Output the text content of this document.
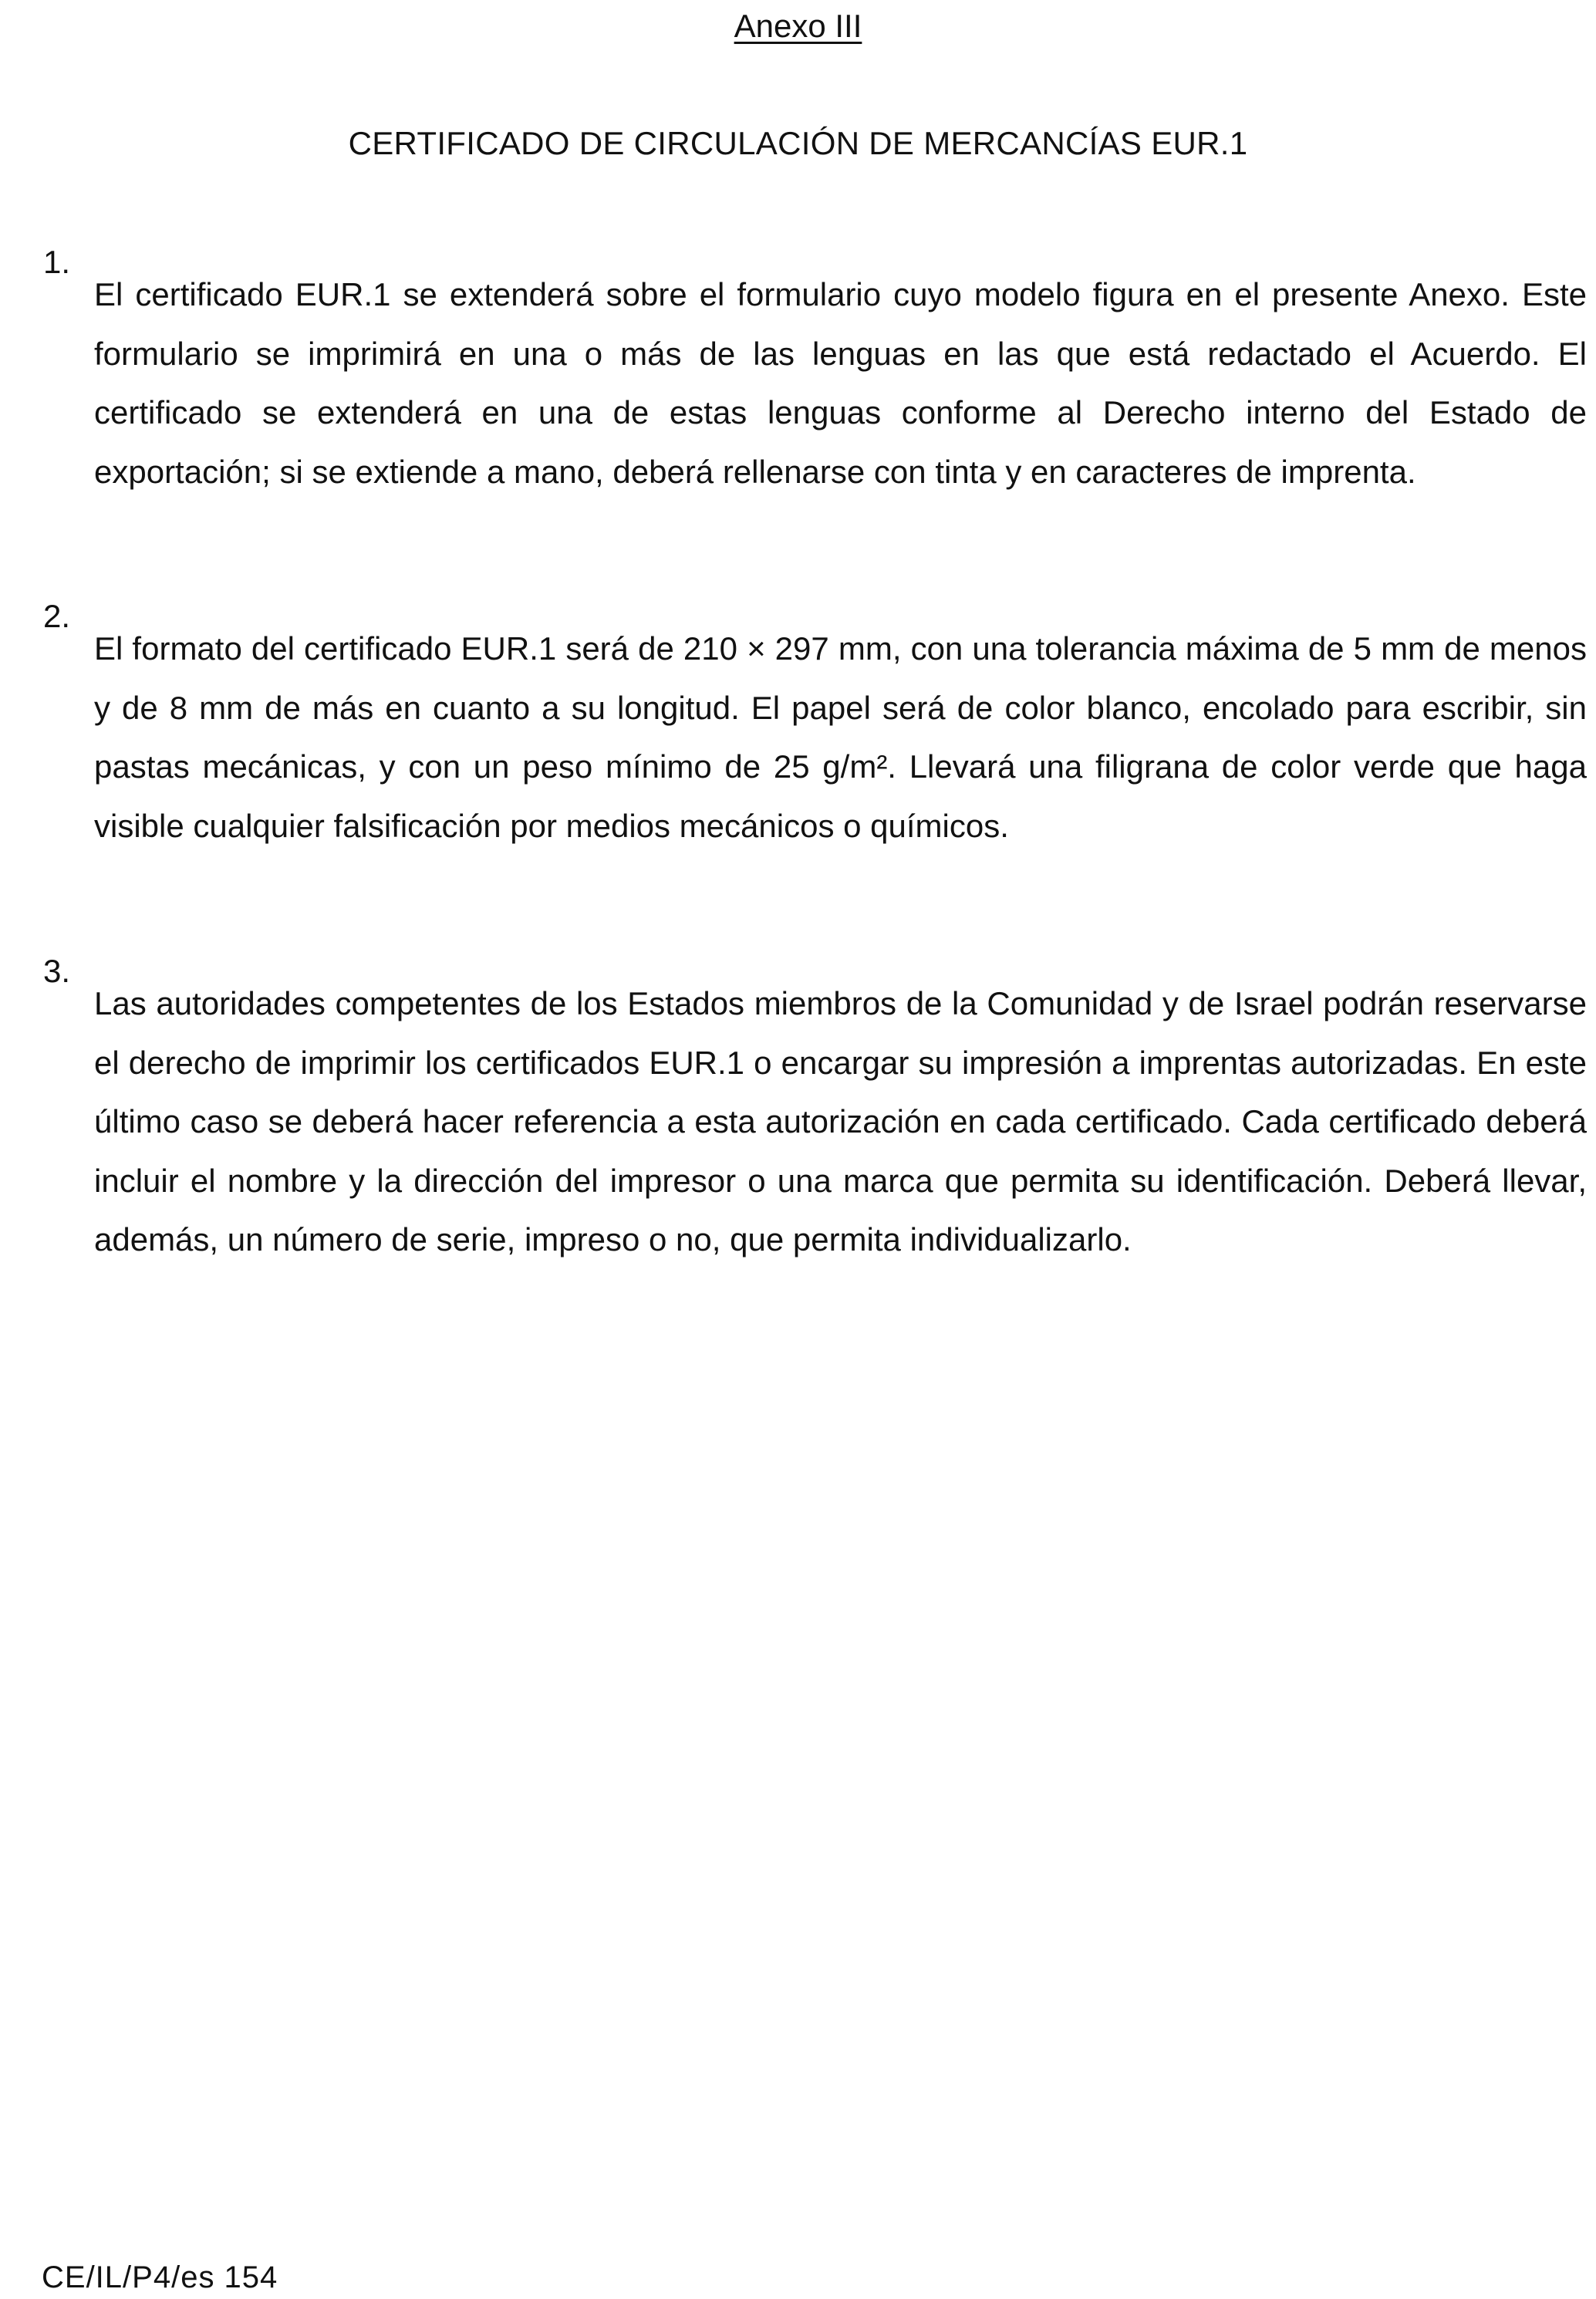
Anexo III
CERTIFICADO DE CIRCULACIÓN DE MERCANCÍAS EUR.1
1.

El certificado EUR.1 se extenderá sobre el formulario cuyo modelo figura en el presente Anexo. Este formulario se imprimirá en una o más de las lenguas en las que está redactado el Acuerdo. El certificado se extenderá en una de estas lenguas conforme al Derecho interno del Estado de exportación; si se extiende a mano, deberá rellenarse con tinta y en caracteres de imprenta.

2.

El formato del certificado EUR.1 será de 210 × 297 mm, con una tolerancia máxima de 5 mm de menos y de 8 mm de más en cuanto a su longitud. El papel será de color blanco, encolado para escribir, sin pastas mecánicas, y con un peso mínimo de 25 g/m². Llevará una filigrana de color verde que haga visible cualquier falsificación por medios mecánicos o químicos.

3.

Las autoridades competentes de los Estados miembros de la Comunidad y de Israel podrán reservarse el derecho de imprimir los certificados EUR.1 o encargar su impresión a imprentas autorizadas. En este último caso se deberá hacer referencia a esta autorización en cada certificado. Cada certificado deberá incluir el nombre y la dirección del impresor o una marca que permita su identificación. Deberá llevar, además, un número de serie, impreso o no, que permita individualizarlo.

CE/IL/P4/es 154
